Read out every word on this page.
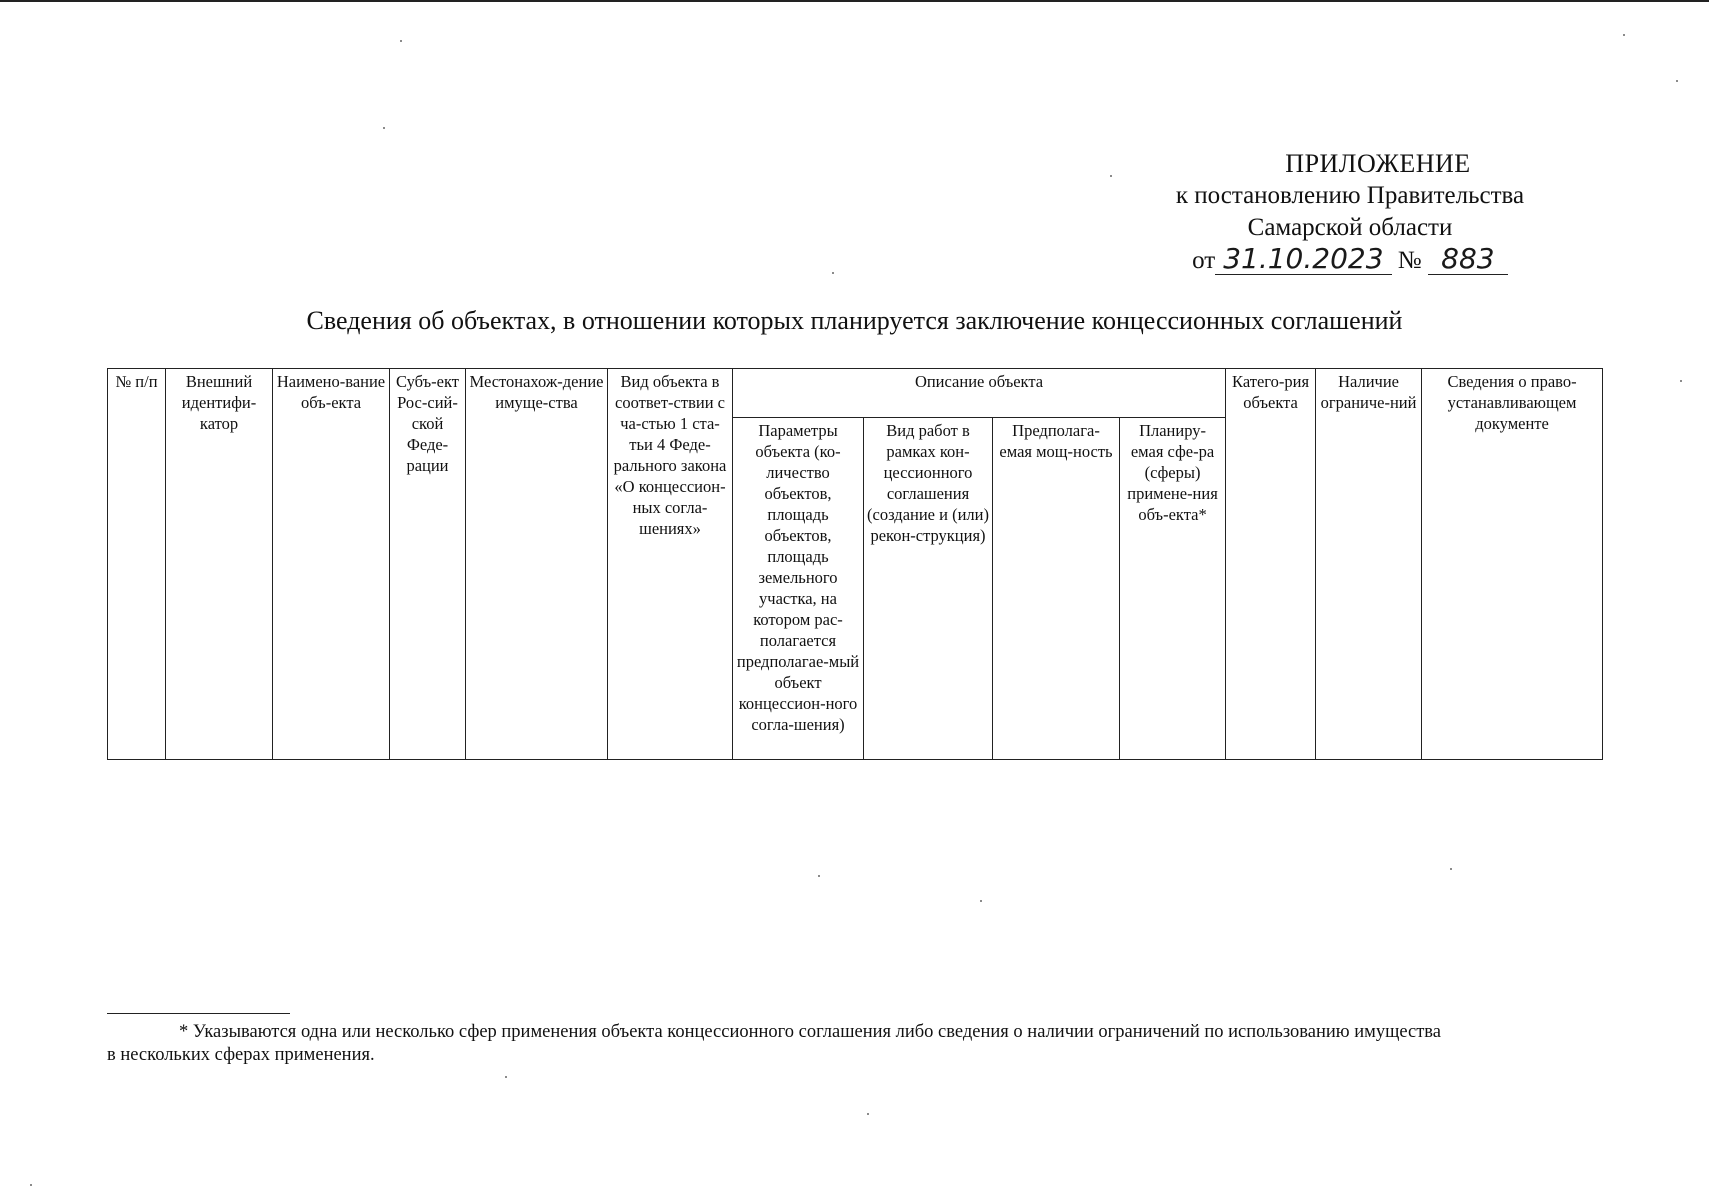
ПРИЛОЖЕНИЕ
к постановлению Правительства
Самарской области
от 31.10.2023 № 883
Сведения об объектах, в отношении которых планируется заключение концессионных соглашений
№ п/п	Внешний идентифи-катор	Наимено-вание объ-екта	Субъ-ект Рос-сий-ской Феде-рации	Местонахож-дение имуще-ства	Вид объекта в соответ-ствии с ча-стью 1 ста-тьи 4 Феде-рального закона «О концессион-ных согла-шениях»	Описание объекта				Катего-рия объекта	Наличие ограниче-ний	Сведения о право-устанавливающем документе
						Параметры объекта (ко-личество объектов, площадь объектов, площадь земельного участка, на котором рас-полагается предполагае-мый объект концессион-ного согла-шения)	Вид работ в рамках кон-цессионного соглашения (создание и (или) рекон-струкция)	Предполага-емая мощ-ность	Планиру-емая сфе-ра (сферы) примене-ния объ-екта*			
* Указываются одна или несколько сфер применения объекта концессионного соглашения либо сведения о наличии ограничений по использованию имущества
в нескольких сферах применения.
